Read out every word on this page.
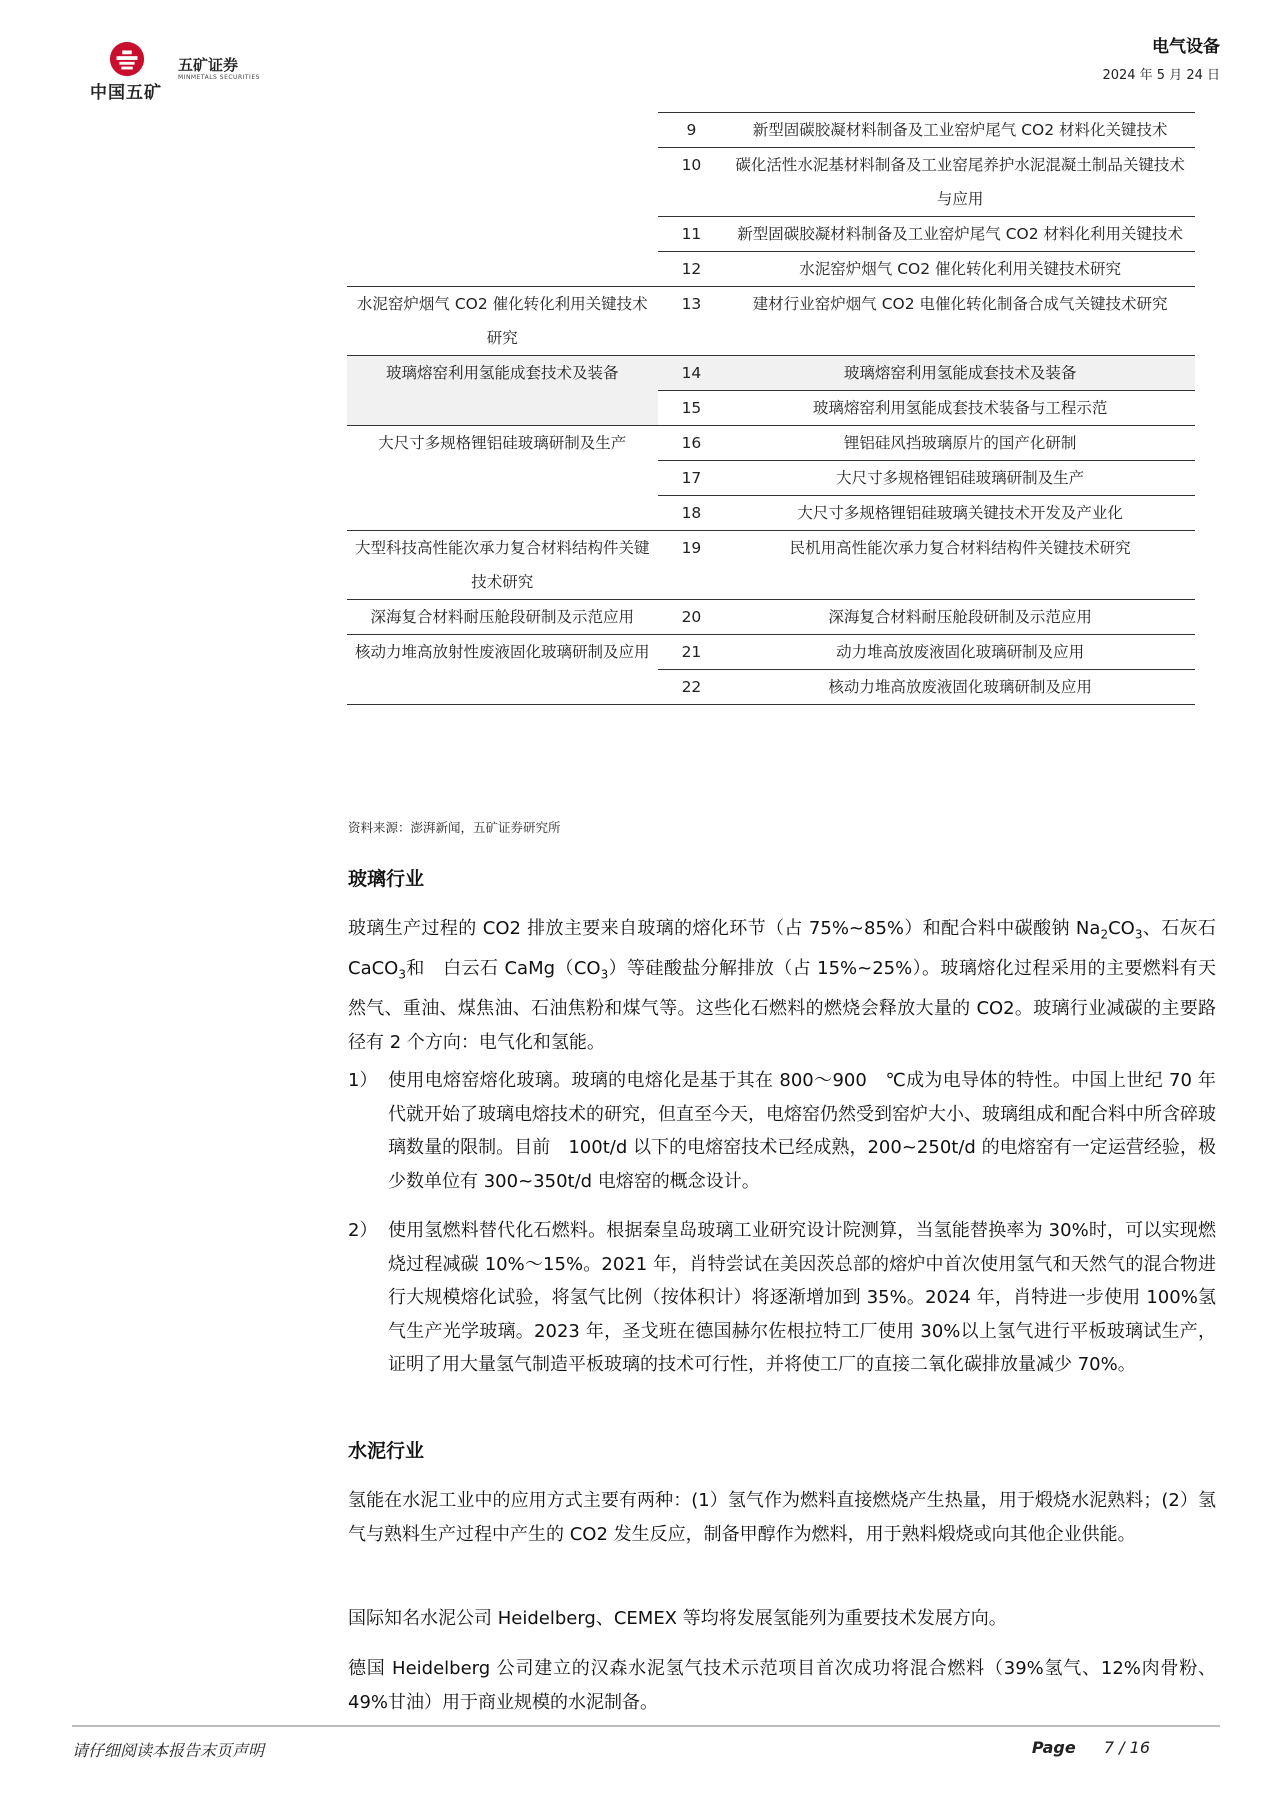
中国五矿
五矿证券
MINMETALS SECURITIES
电气设备
2024 年 5 月 24 日
	9	新型固碳胶凝材料制备及工业窑炉尾气 CO2 材料化关键技术
	10	碳化活性水泥基材料制备及工业窑尾养护水泥混凝土制品关键技术与应用
	11	新型固碳胶凝材料制备及工业窑炉尾气 CO2 材料化利用关键技术
	12	水泥窑炉烟气 CO2 催化转化利用关键技术研究
水泥窑炉烟气 CO2 催化转化利用关键技术研究	13	建材行业窑炉烟气 CO2 电催化转化制备合成气关键技术研究
玻璃熔窑利用氢能成套技术及装备	14	玻璃熔窑利用氢能成套技术及装备
	15	玻璃熔窑利用氢能成套技术装备与工程示范
大尺寸多规格锂铝硅玻璃研制及生产	16	锂铝硅风挡玻璃原片的国产化研制
	17	大尺寸多规格锂铝硅玻璃研制及生产
	18	大尺寸多规格锂铝硅玻璃关键技术开发及产业化
大型科技高性能次承力复合材料结构件关键技术研究	19	民机用高性能次承力复合材料结构件关键技术研究
深海复合材料耐压舱段研制及示范应用	20	深海复合材料耐压舱段研制及示范应用
核动力堆高放射性废液固化玻璃研制及应用	21	动力堆高放废液固化玻璃研制及应用
	22	核动力堆高放废液固化玻璃研制及应用
资料来源：澎湃新闻，五矿证券研究所
玻璃行业

玻璃生产过程的 CO2 排放主要来自玻璃的熔化环节（占 75%~85%）和配合料中碳酸钠 $Na_2CO_3$、石灰石 CaCO$_3$和　白云石 $CaMg(CO_3)$等硅酸盐分解排放（占 15%~25%）。玻璃熔化过程采用的主要燃料有天然气、重油、煤焦油、石油焦粉和煤气等。这些化石燃料的燃烧会释放大量的 CO2。玻璃行业减碳的主要路径有 2 个方向：电气化和氢能。

1） 使用电熔窑熔化玻璃。玻璃的电熔化是基于其在 800～900　℃成为电导体的特性。中国上世纪 70 年代就开始了玻璃电熔技术的研究，但直至今天，电熔窑仍然受到窑炉大小、玻璃组成和配合料中所含碎玻璃数量的限制。目前　100t/d 以下的电熔窑技术已经成熟，200~250t/d 的电熔窑有一定运营经验，极少数单位有 300~350t/d 电熔窑的概念设计。
2） 使用氢燃料替代化石燃料。根据秦皇岛玻璃工业研究设计院测算，当氢能替换率为 30%时，可以实现燃烧过程减碳 10%～15%。2021 年，肖特尝试在美因茨总部的熔炉中首次使用氢气和天然气的混合物进行大规模熔化试验，将氢气比例（按体积计）将逐渐增加到 35%。2024 年，肖特进一步使用 100%氢气生产光学玻璃。2023 年，圣戈班在德国赫尔佐根拉特工厂使用 30%以上氢气进行平板玻璃试生产，证明了用大量氢气制造平板玻璃的技术可行性，并将使工厂的直接二氧化碳排放量减少 70%。
水泥行业

氢能在水泥工业中的应用方式主要有两种：(1）氢气作为燃料直接燃烧产生热量，用于煅烧水泥熟料；(2）氢气与熟料生产过程中产生的 CO2 发生反应，制备甲醇作为燃料，用于熟料煅烧或向其他企业供能。

国际知名水泥公司 Heidelberg、CEMEX 等均将发展氢能列为重要技术发展方向。

德国 Heidelberg 公司建立的汉森水泥氢气技术示范项目首次成功将混合燃料（39%氢气、12%肉骨粉、49%甘油）用于商业规模的水泥制备。

请仔细阅读本报告末页声明	Page 7 / 16
